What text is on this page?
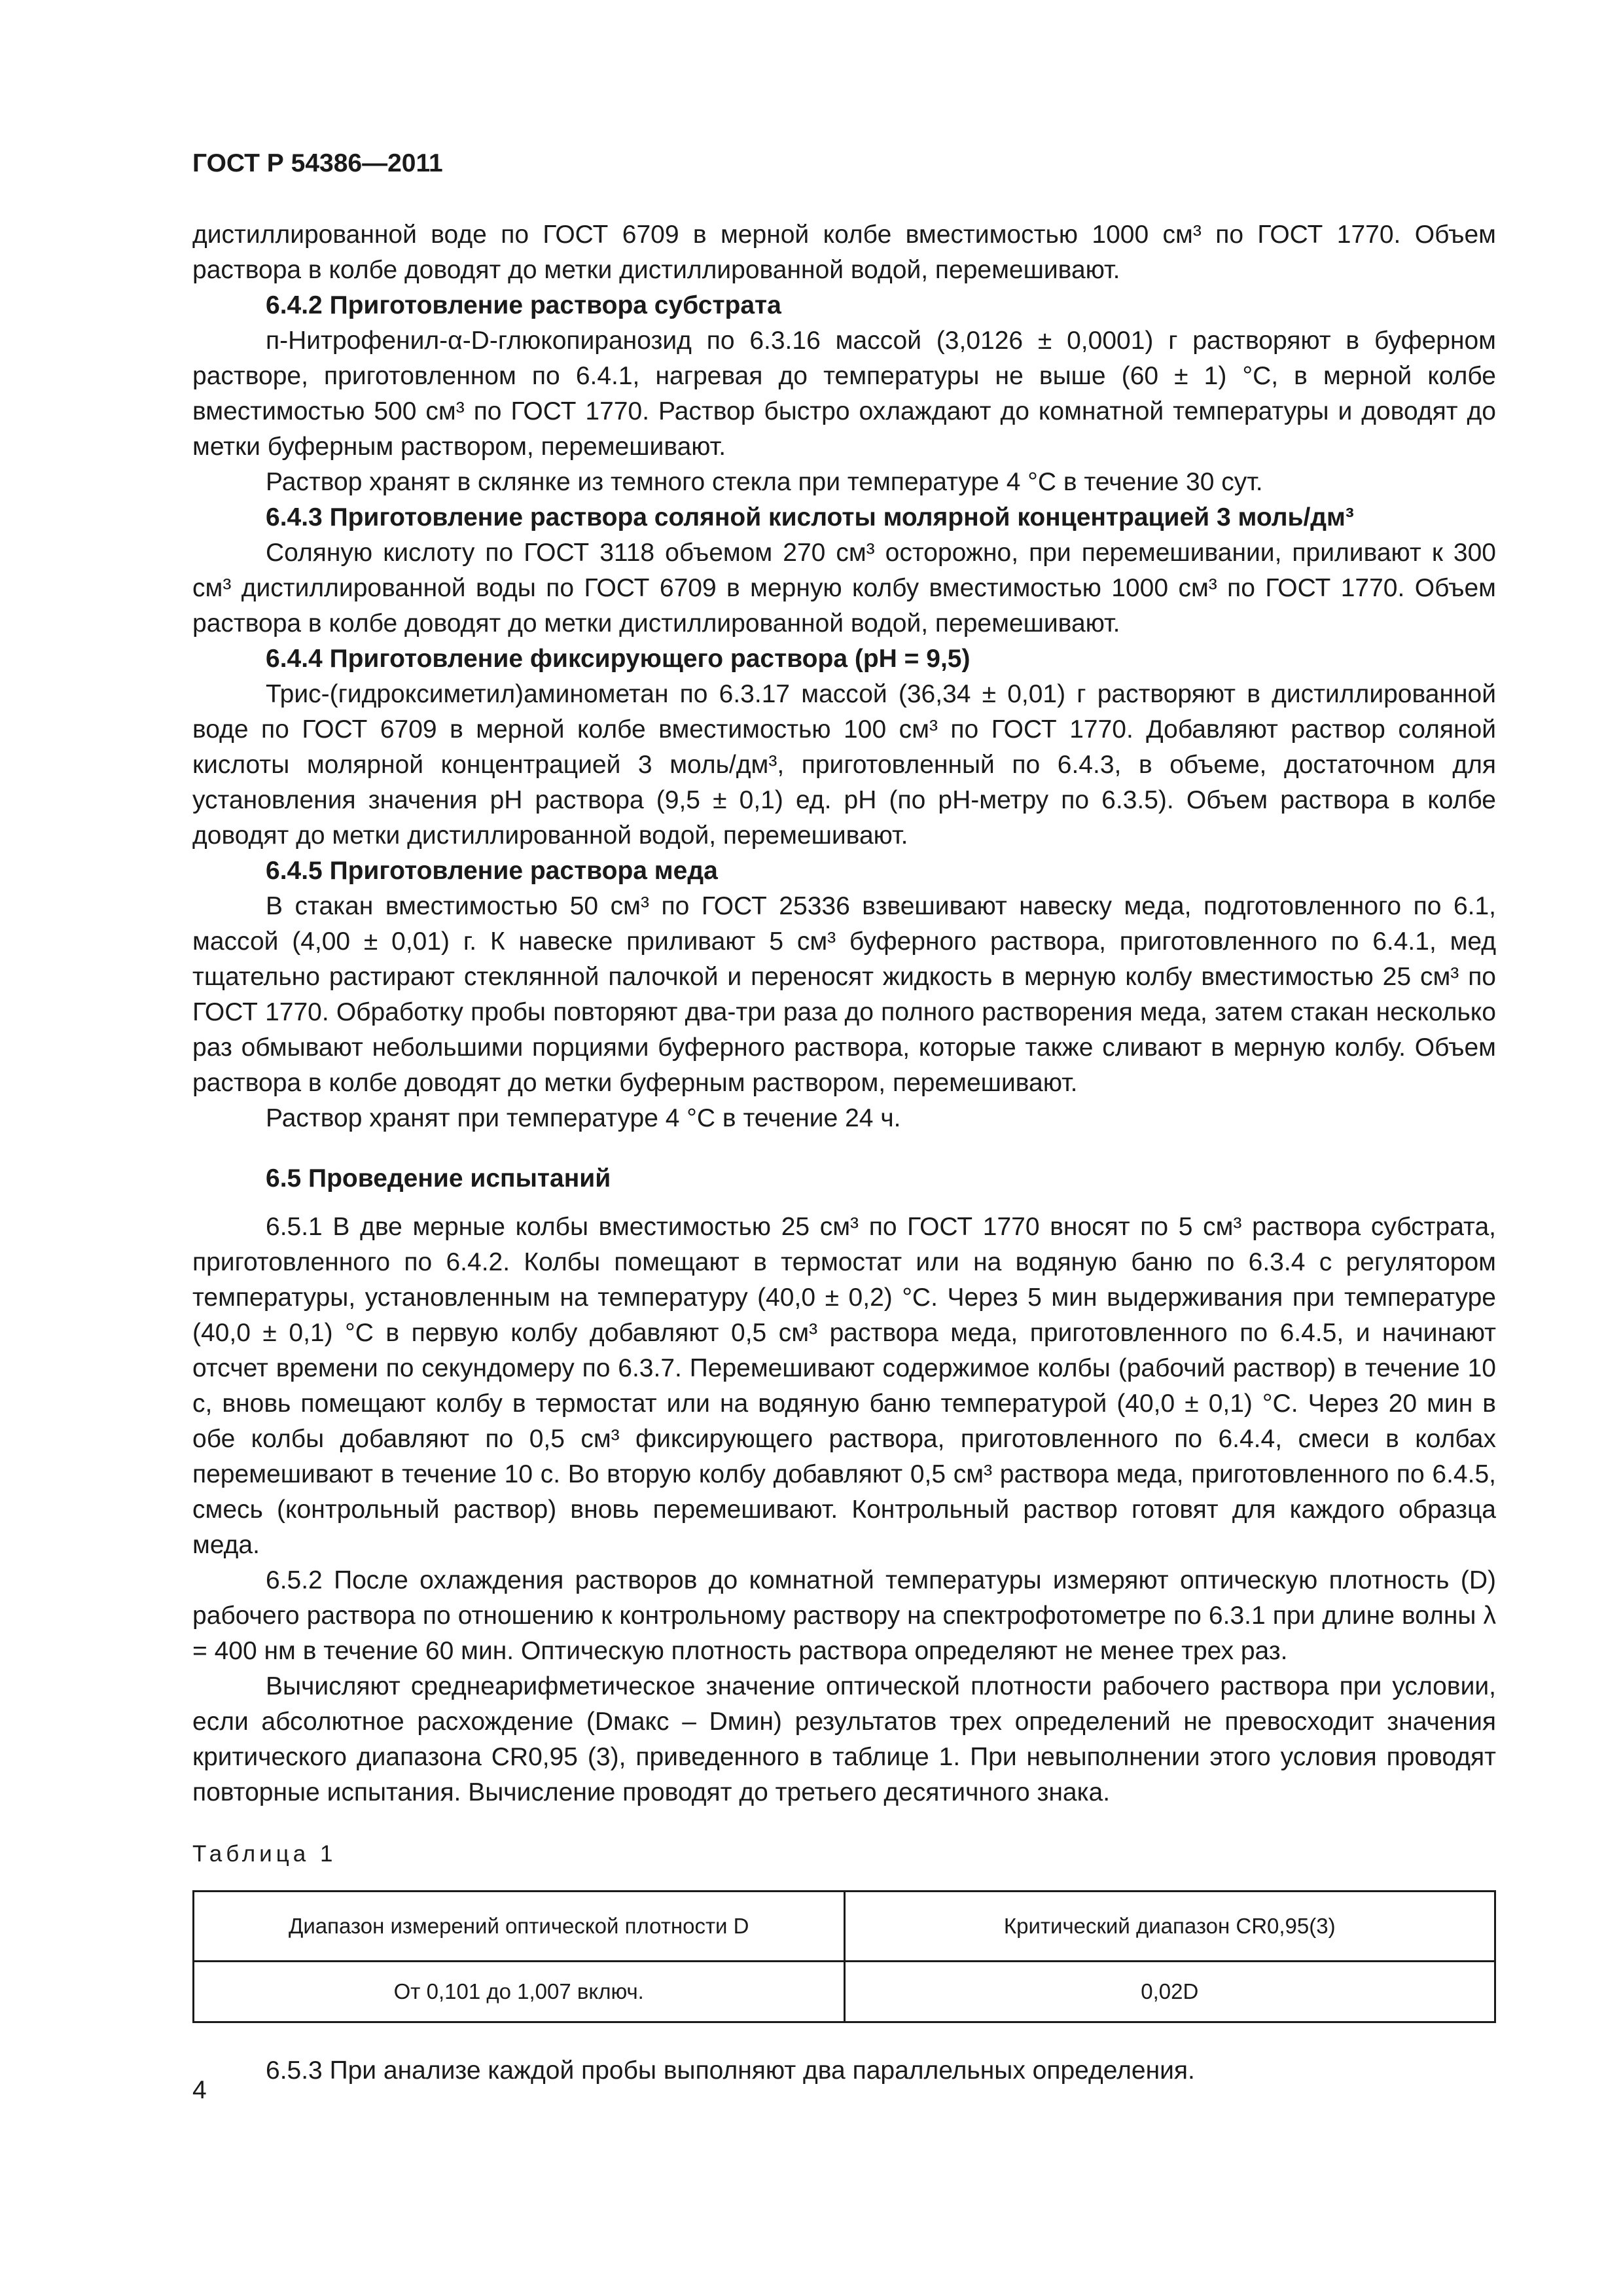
ГОСТ Р 54386—2011

дистиллированной воде по ГОСТ 6709 в мерной колбе вместимостью 1000 см³ по ГОСТ 1770. Объем раствора в колбе доводят до метки дистиллированной водой, перемешивают.

6.4.2 Приготовление раствора субстрата

п-Нитрофенил-α-D-глюкопиранозид по 6.3.16 массой (3,0126 ± 0,0001) г растворяют в буферном растворе, приготовленном по 6.4.1, нагревая до температуры не выше (60 ± 1) °С, в мерной колбе вместимостью 500 см³ по ГОСТ 1770. Раствор быстро охлаждают до комнатной температуры и доводят до метки буферным раствором, перемешивают.

Раствор хранят в склянке из темного стекла при температуре 4 °С в течение 30 сут.

6.4.3 Приготовление раствора соляной кислоты молярной концентрацией 3 моль/дм³

Соляную кислоту по ГОСТ 3118 объемом 270 см³ осторожно, при перемешивании, приливают к 300 см³ дистиллированной воды по ГОСТ 6709 в мерную колбу вместимостью 1000 см³ по ГОСТ 1770. Объем раствора в колбе доводят до метки дистиллированной водой, перемешивают.

6.4.4 Приготовление фиксирующего раствора (рН = 9,5)

Трис-(гидроксиметил)аминометан по 6.3.17 массой (36,34 ± 0,01) г растворяют в дистиллированной воде по ГОСТ 6709 в мерной колбе вместимостью 100 см³ по ГОСТ 1770. Добавляют раствор соляной кислоты молярной концентрацией 3 моль/дм³, приготовленный по 6.4.3, в объеме, достаточном для установления значения рН раствора (9,5 ± 0,1) ед. рН (по рН-метру по 6.3.5). Объем раствора в колбе доводят до метки дистиллированной водой, перемешивают.

6.4.5 Приготовление раствора меда

В стакан вместимостью 50 см³ по ГОСТ 25336 взвешивают навеску меда, подготовленного по 6.1, массой (4,00 ± 0,01) г. К навеске приливают 5 см³ буферного раствора, приготовленного по 6.4.1, мед тщательно растирают стеклянной палочкой и переносят жидкость в мерную колбу вместимостью 25 см³ по ГОСТ 1770. Обработку пробы повторяют два-три раза до полного растворения меда, затем стакан несколько раз обмывают небольшими порциями буферного раствора, которые также сливают в мерную колбу. Объем раствора в колбе доводят до метки буферным раствором, перемешивают.

Раствор хранят при температуре 4 °С в течение 24 ч.

6.5 Проведение испытаний

6.5.1 В две мерные колбы вместимостью 25 см³ по ГОСТ 1770 вносят по 5 см³ раствора субстрата, приготовленного по 6.4.2. Колбы помещают в термостат или на водяную баню по 6.3.4 с регулятором температуры, установленным на температуру (40,0 ± 0,2) °С. Через 5 мин выдерживания при температуре (40,0 ± 0,1) °С в первую колбу добавляют 0,5 см³ раствора меда, приготовленного по 6.4.5, и начинают отсчет времени по секундомеру по 6.3.7. Перемешивают содержимое колбы (рабочий раствор) в течение 10 с, вновь помещают колбу в термостат или на водяную баню температурой (40,0 ± 0,1) °С. Через 20 мин в обе колбы добавляют по 0,5 см³ фиксирующего раствора, приготовленного по 6.4.4, смеси в колбах перемешивают в течение 10 с. Во вторую колбу добавляют 0,5 см³ раствора меда, приготовленного по 6.4.5, смесь (контрольный раствор) вновь перемешивают. Контрольный раствор готовят для каждого образца меда.

6.5.2 После охлаждения растворов до комнатной температуры измеряют оптическую плотность (D) рабочего раствора по отношению к контрольному раствору на спектрофотометре по 6.3.1 при длине волны λ = 400 нм в течение 60 мин. Оптическую плотность раствора определяют не менее трех раз.

Вычисляют среднеарифметическое значение оптической плотности рабочего раствора при условии, если абсолютное расхождение (Dмакс – Dмин) результатов трех определений не превосходит значения критического диапазона CR0,95 (3), приведенного в таблице 1. При невыполнении этого условия проводят повторные испытания. Вычисление проводят до третьего десятичного знака.

Таблица 1
Диапазон измерений оптической плотности D	Критический диапазон CR0,95(3)
От 0,101 до 1,007 включ.	0,02D

6.5.3 При анализе каждой пробы выполняют два параллельных определения.

4
